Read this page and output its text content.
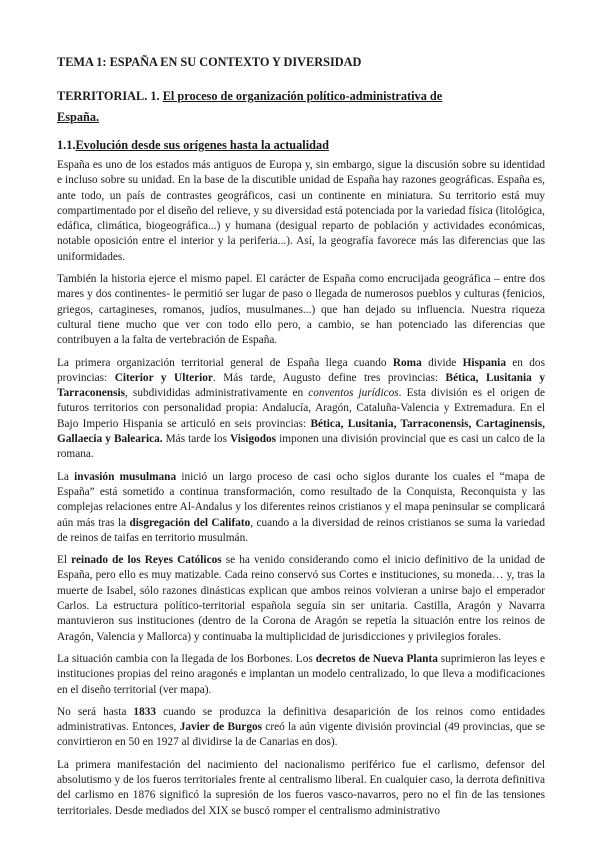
TEMA 1: ESPAÑA EN SU CONTEXTO Y DIVERSIDAD
TERRITORIAL. 1. El proceso de organización político-administrativa de
España.
1.1.Evolución desde sus orígenes hasta la actualidad

España es uno de los estados más antiguos de Europa y, sin embargo, sigue la discusión sobre su identidad e incluso sobre su unidad. En la base de la discutible unidad de España hay razones geográficas. España es, ante todo, un país de contrastes geográficos, casi un continente en miniatura. Su territorio está muy compartimentado por el diseño del relieve, y su diversidad está potenciada por la variedad física (litológica, edáfica, climática, biogeográfica...) y humana (desigual reparto de población y actividades económicas, notable oposición entre el interior y la periferia...). Así, la geografía favorece más las diferencias que las uniformidades.

También la historia ejerce el mismo papel. El carácter de España como encrucijada geográfica – entre dos mares y dos continentes- le permitió ser lugar de paso o llegada de numerosos pueblos y culturas (fenicios, griegos, cartagineses, romanos, judíos, musulmanes...) que han dejado su influencia. Nuestra riqueza cultural tiene mucho que ver con todo ello pero, a cambio, se han potenciado las diferencias que contribuyen a la falta de vertebración de España.

La primera organización territorial general de España llega cuando Roma divide Hispania en dos provincias: Citerior y Ulterior. Más tarde, Augusto define tres provincias: Bética, Lusitania y Tarraconensis, subdivididas administrativamente en conventos jurídicos. Esta división es el origen de futuros territorios con personalidad propia: Andalucía, Aragón, Cataluña-Valencia y Extremadura. En el Bajo Imperio Hispania se articuló en seis provincias: Bética, Lusitania, Tarraconensis, Cartaginensis, Gallaecia y Balearica. Más tarde los Visigodos imponen una división provincial que es casi un calco de la romana.

La invasión musulmana inició un largo proceso de casi ocho siglos durante los cuales el “mapa de España” está sometido a continua transformación, como resultado de la Conquista, Reconquista y las complejas relaciones entre Al-Andalus y los diferentes reinos cristianos y el mapa peninsular se complicará aún más tras la disgregación del Califato, cuando a la diversidad de reinos cristianos se suma la variedad de reinos de taifas en territorio musulmán.

El reinado de los Reyes Católicos se ha venido considerando como el inicio definitivo de la unidad de España, pero ello es muy matizable. Cada reino conservó sus Cortes e instituciones, su moneda… y, tras la muerte de Isabel, sólo razones dinásticas explican que ambos reinos volvieran a unirse bajo el emperador Carlos. La estructura político-territorial española seguía sin ser unitaria. Castilla, Aragón y Navarra mantuvieron sus instituciones (dentro de la Corona de Aragón se repetía la situación entre los reinos de Aragón, Valencia y Mallorca) y continuaba la multiplicidad de jurisdicciones y privilegios forales.

La situación cambia con la llegada de los Borbones. Los decretos de Nueva Planta suprimieron las leyes e instituciones propias del reino aragonés e implantan un modelo centralizado, lo que lleva a modificaciones en el diseño territorial (ver mapa).

No será hasta 1833 cuando se produzca la definitiva desaparición de los reinos como entidades administrativas. Entonces, Javier de Burgos creó la aún vigente división provincial (49 provincias, que se convirtieron en 50 en 1927 al dividirse la de Canarias en dos).

La primera manifestación del nacimiento del nacionalismo periférico fue el carlismo, defensor del absolutismo y de los fueros territoriales frente al centralismo liberal. En cualquier caso, la derrota definitiva del carlismo en 1876 significó la supresión de los fueros vasco-navarros, pero no el fin de las tensiones territoriales. Desde mediados del XIX se buscó romper el centralismo administrativo
